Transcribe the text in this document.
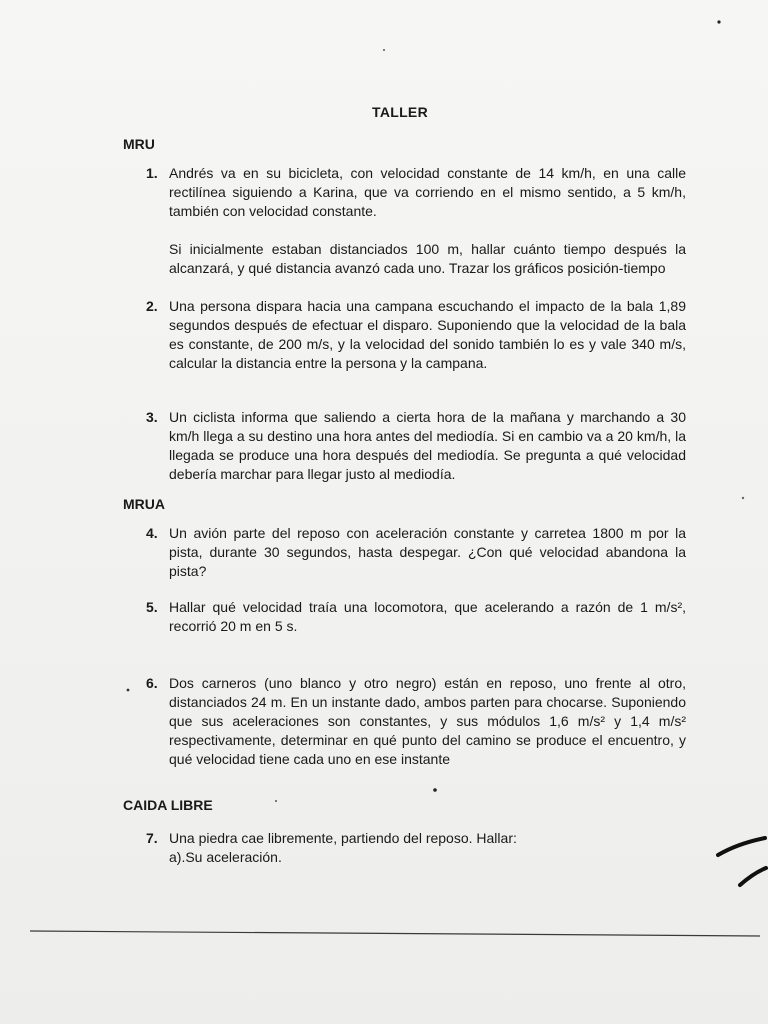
TALLER
MRU
1. Andrés va en su bicicleta, con velocidad constante de 14 km/h, en una calle rectilínea siguiendo a Karina, que va corriendo en el mismo sentido, a 5 km/h, también con velocidad constante.

Si inicialmente estaban distanciados 100 m, hallar cuánto tiempo después la alcanzará, y qué distancia avanzó cada uno. Trazar los gráficos posición-tiempo

2. Una persona dispara hacia una campana escuchando el impacto de la bala 1,89 segundos después de efectuar el disparo. Suponiendo que la velocidad de la bala es constante, de 200 m/s, y la velocidad del sonido también lo es y vale 340 m/s, calcular la distancia entre la persona y la campana.

3. Un ciclista informa que saliendo a cierta hora de la mañana y marchando a 30 km/h llega a su destino una hora antes del mediodía. Si en cambio va a 20 km/h, la llegada se produce una hora después del mediodía. Se pregunta a qué velocidad debería marchar para llegar justo al mediodía.

MRUA
4. Un avión parte del reposo con aceleración constante y carretea 1800 m por la pista, durante 30 segundos, hasta despegar. ¿Con qué velocidad abandona la pista?

5. Hallar qué velocidad traía una locomotora, que acelerando a razón de 1 m/s², recorrió 20 m en 5 s.

6. Dos carneros (uno blanco y otro negro) están en reposo, uno frente al otro, distanciados 24 m. En un instante dado, ambos parten para chocarse. Suponiendo que sus aceleraciones son constantes, y sus módulos 1,6 m/s² y 1,4 m/s² respectivamente, determinar en qué punto del camino se produce el encuentro, y qué velocidad tiene cada uno en ese instante

CAIDA LIBRE
7. Una piedra cae libremente, partiendo del reposo. Hallar:

a).Su aceleración.
